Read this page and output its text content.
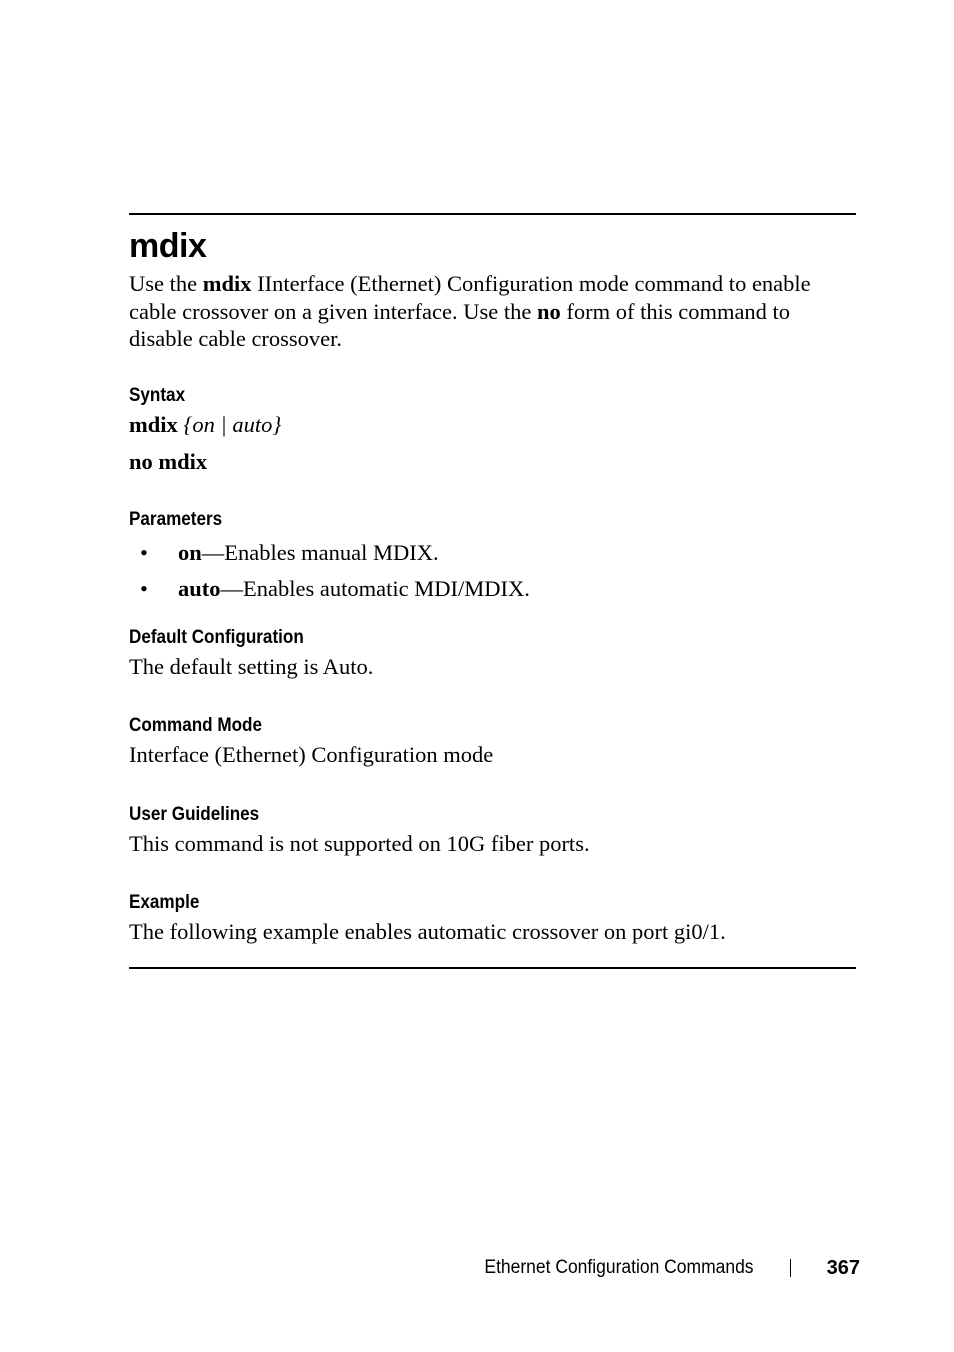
mdix

Use the mdix IInterface (Ethernet) Configuration mode command to enable cable crossover on a given interface. Use the no form of this command to disable cable crossover.

Syntax

mdix {on | auto}

no mdix

Parameters
• on—Enables manual MDIX.
• auto—Enables automatic MDI/MDIX.
Default Configuration

The default setting is Auto.

Command Mode

Interface (Ethernet) Configuration mode

User Guidelines

This command is not supported on 10G fiber ports.

Example

The following example enables automatic crossover on port gi0/1.

Ethernet Configuration Commands	367
